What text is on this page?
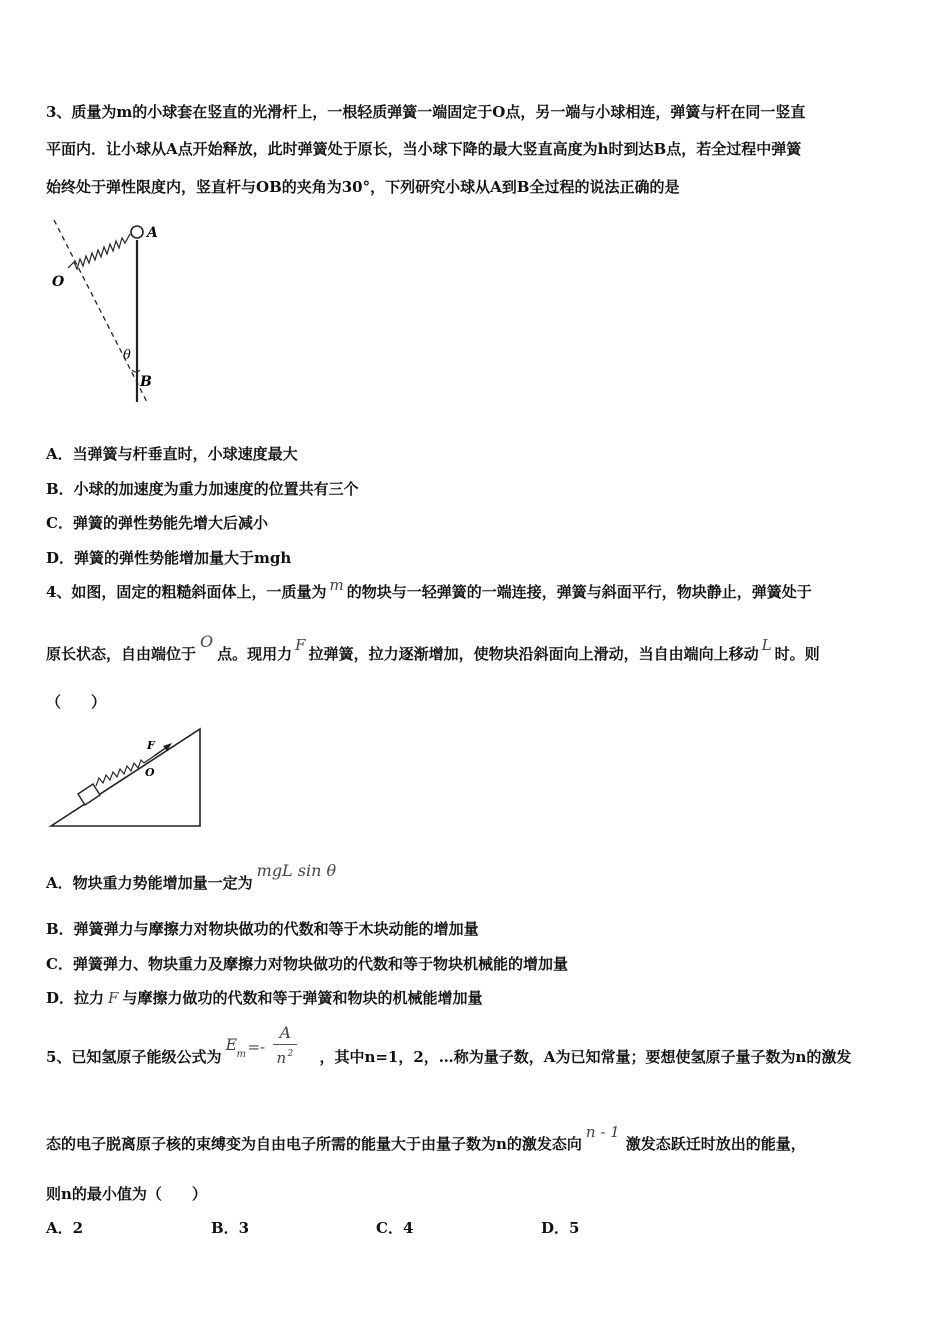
3、质量为m的小球套在竖直的光滑杆上，一根轻质弹簧一端固定于O点，另一端与小球相连，弹簧与杆在同一竖直
平面内．让小球从A点开始释放，此时弹簧处于原长，当小球下降的最大竖直高度为h时到达B点，若全过程中弹簧
始终处于弹性限度内，竖直杆与OB的夹角为30°，下列研究小球从A到B全过程的说法正确的是
A
O
θ
B
A．当弹簧与杆垂直时，小球速度最大
B．小球的加速度为重力加速度的位置共有三个
C．弹簧的弹性势能先增大后减小
D．弹簧的弹性势能增加量大于mgh
4、如图，固定的粗糙斜面体上，一质量为 m 的物块与一轻弹簧的一端连接，弹簧与斜面平行，物块静止，弹簧处于
原长状态，自由端位于O点。现用力 F 拉弹簧，拉力逐渐增加，使物块沿斜面向上滑动，当自由端向上移动 L 时。则
（　　）
F
O
A．物块重力势能增加量一定为mgL sin θ
B．弹簧弹力与摩擦力对物块做功的代数和等于木块动能的增加量
C．弹簧弹力、物块重力及摩擦力对物块做功的代数和等于物块机械能的增加量
D．拉力 F 与摩擦力做功的代数和等于弹簧和物块的机械能增加量
5、已知氢原子能级公式为
E
m =-
A
n 2 ，其中n=1，2，…称为量子数，A为已知常量；要想使氢原子量子数为n的激发
态的电子脱离原子核的束缚变为自由电子所需的能量大于由量子数为n的激发态向n - 1激发态跃迁时放出的能量，
则n的最小值为（　　）
A．2	B．3	C．4	D．5
